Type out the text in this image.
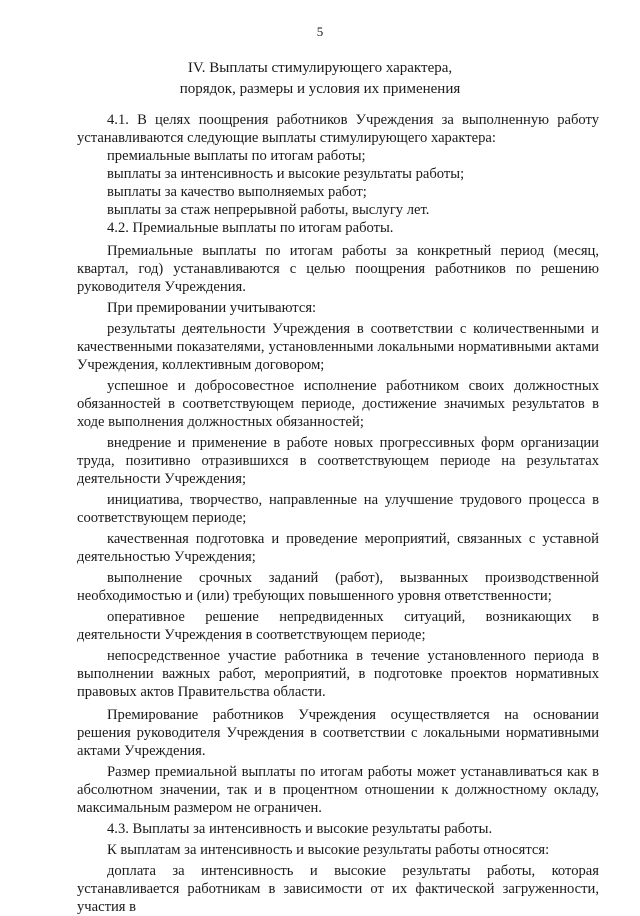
5
IV. Выплаты стимулирующего характера,
порядок, размеры и условия их применения

4.1. В целях поощрения работников Учреждения за выполненную работу устанавливаются следующие выплаты стимулирующего характера:

премиальные выплаты по итогам работы;

выплаты за интенсивность и высокие результаты работы;

выплаты за качество выполняемых работ;

выплаты за стаж непрерывной работы, выслугу лет.

4.2. Премиальные выплаты по итогам работы.

Премиальные выплаты по итогам работы за конкретный период (месяц, квартал, год) устанавливаются с целью поощрения работников по решению руководителя Учреждения.

При премировании учитываются:

результаты деятельности Учреждения в соответствии с количественными и качественными показателями, установленными локальными нормативными актами Учреждения, коллективным договором;

успешное и добросовестное исполнение работником своих должностных обязанностей в соответствующем периоде, достижение значимых результатов в ходе выполнения должностных обязанностей;

внедрение и применение в работе новых прогрессивных форм организации труда, позитивно отразившихся в соответствующем периоде на результатах деятельности Учреждения;

инициатива, творчество, направленные на улучшение трудового процесса в соответствующем периоде;

качественная подготовка и проведение мероприятий, связанных с уставной деятельностью Учреждения;

выполнение срочных заданий (работ), вызванных производственной необходимостью и (или) требующих повышенного уровня ответственности;

оперативное решение непредвиденных ситуаций, возникающих в деятельности Учреждения в соответствующем периоде;

непосредственное участие работника в течение установленного периода в выполнении важных работ, мероприятий, в подготовке проектов нормативных правовых актов Правительства области.

Премирование работников Учреждения осуществляется на основании решения руководителя Учреждения в соответствии с локальными нормативными актами Учреждения.

Размер премиальной выплаты по итогам работы может устанавливаться как в абсолютном значении, так и в процентном отношении к должностному окладу, максимальным размером не ограничен.

4.3. Выплаты за интенсивность и высокие результаты работы.

К выплатам за интенсивность и высокие результаты работы относятся:

доплата за интенсивность и высокие результаты работы, которая устанавливается работникам в зависимости от их фактической загруженности, участия в
